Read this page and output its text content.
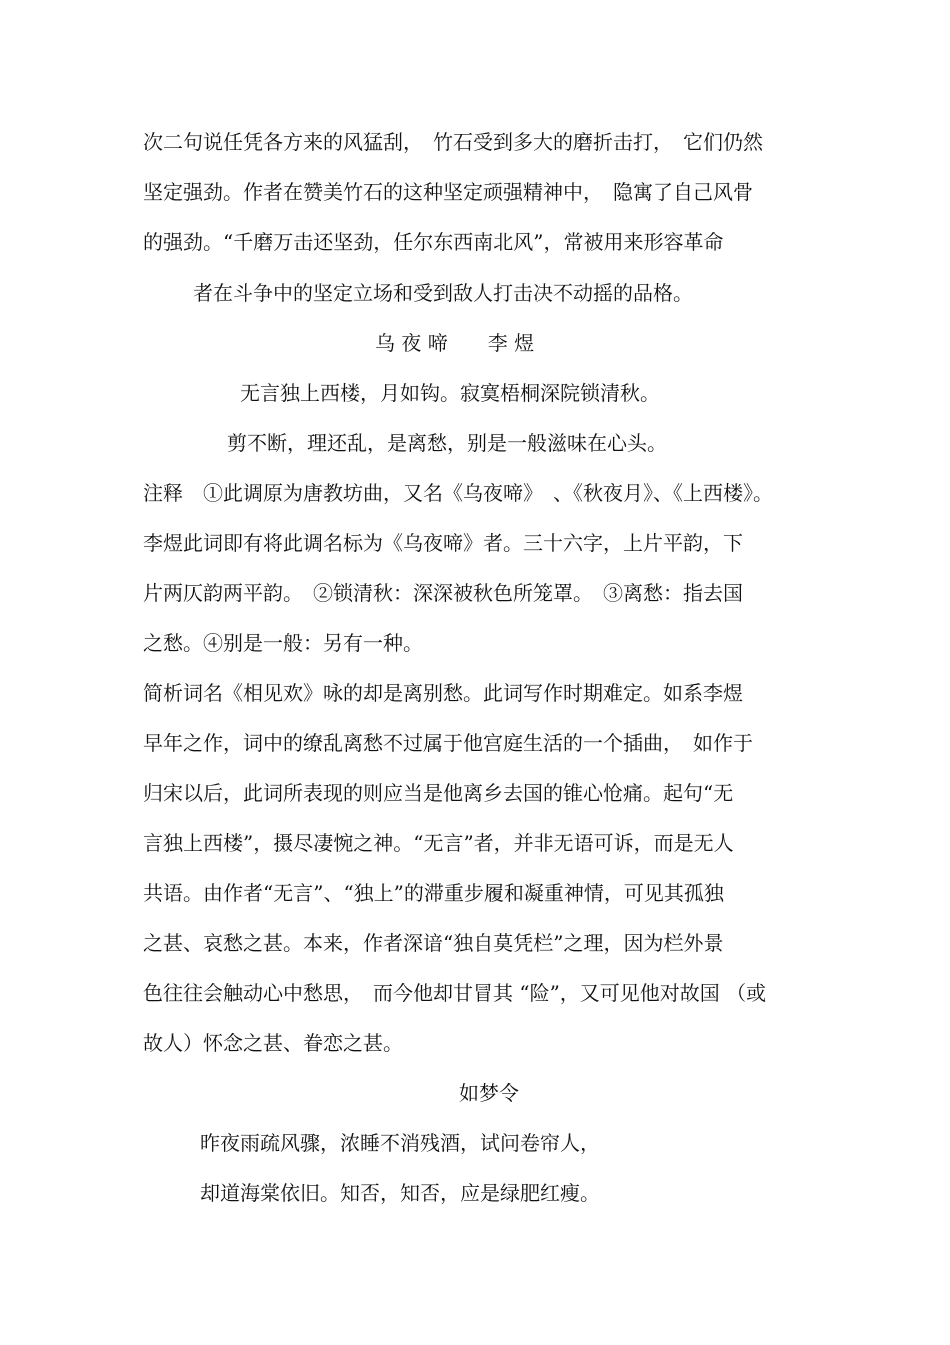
次二句说任凭各方来的风猛刮，　竹石受到多大的磨折击打，　它们仍然

坚定强劲。作者在赞美竹石的这种坚定顽强精神中，　隐寓了自己风骨

的强劲。“千磨万击还坚劲，任尔东西南北风”，常被用来形容革命

者在斗争中的坚定立场和受到敌人打击决不动摇的品格。

乌 夜 啼　　李 煜

无言独上西楼，月如钩。寂寞梧桐深院锁清秋。

剪不断，理还乱，是离愁，别是一般滋味在心头。

注释　①此调原为唐教坊曲，又名《乌夜啼》　、《秋夜月》、《上西楼》。

李煜此词即有将此调名标为《乌夜啼》者。三十六字，上片平韵，下

片两仄韵两平韵。　②锁清秋：深深被秋色所笼罩。　③离愁：指去国

之愁。④别是一般：另有一种。

简析词名《相见欢》咏的却是离别愁。此词写作时期难定。如系李煜

早年之作，词中的缭乱离愁不过属于他宫庭生活的一个插曲，　如作于

归宋以后，此词所表现的则应当是他离乡去国的锥心怆痛。起句“无

言独上西楼”，摄尽凄惋之神。“无言”者，并非无语可诉，而是无人

共语。由作者“无言”、“独上”的滞重步履和凝重神情，可见其孤独

之甚、哀愁之甚。本来，作者深谙“独自莫凭栏”之理，因为栏外景

色往往会触动心中愁思，　而今他却甘冒其 “险”，又可见他对故国 （或

故人）怀念之甚、眷恋之甚。

如梦令

昨夜雨疏风骤，浓睡不消残酒，试问卷帘人，

却道海棠依旧。知否，知否，应是绿肥红瘦。
